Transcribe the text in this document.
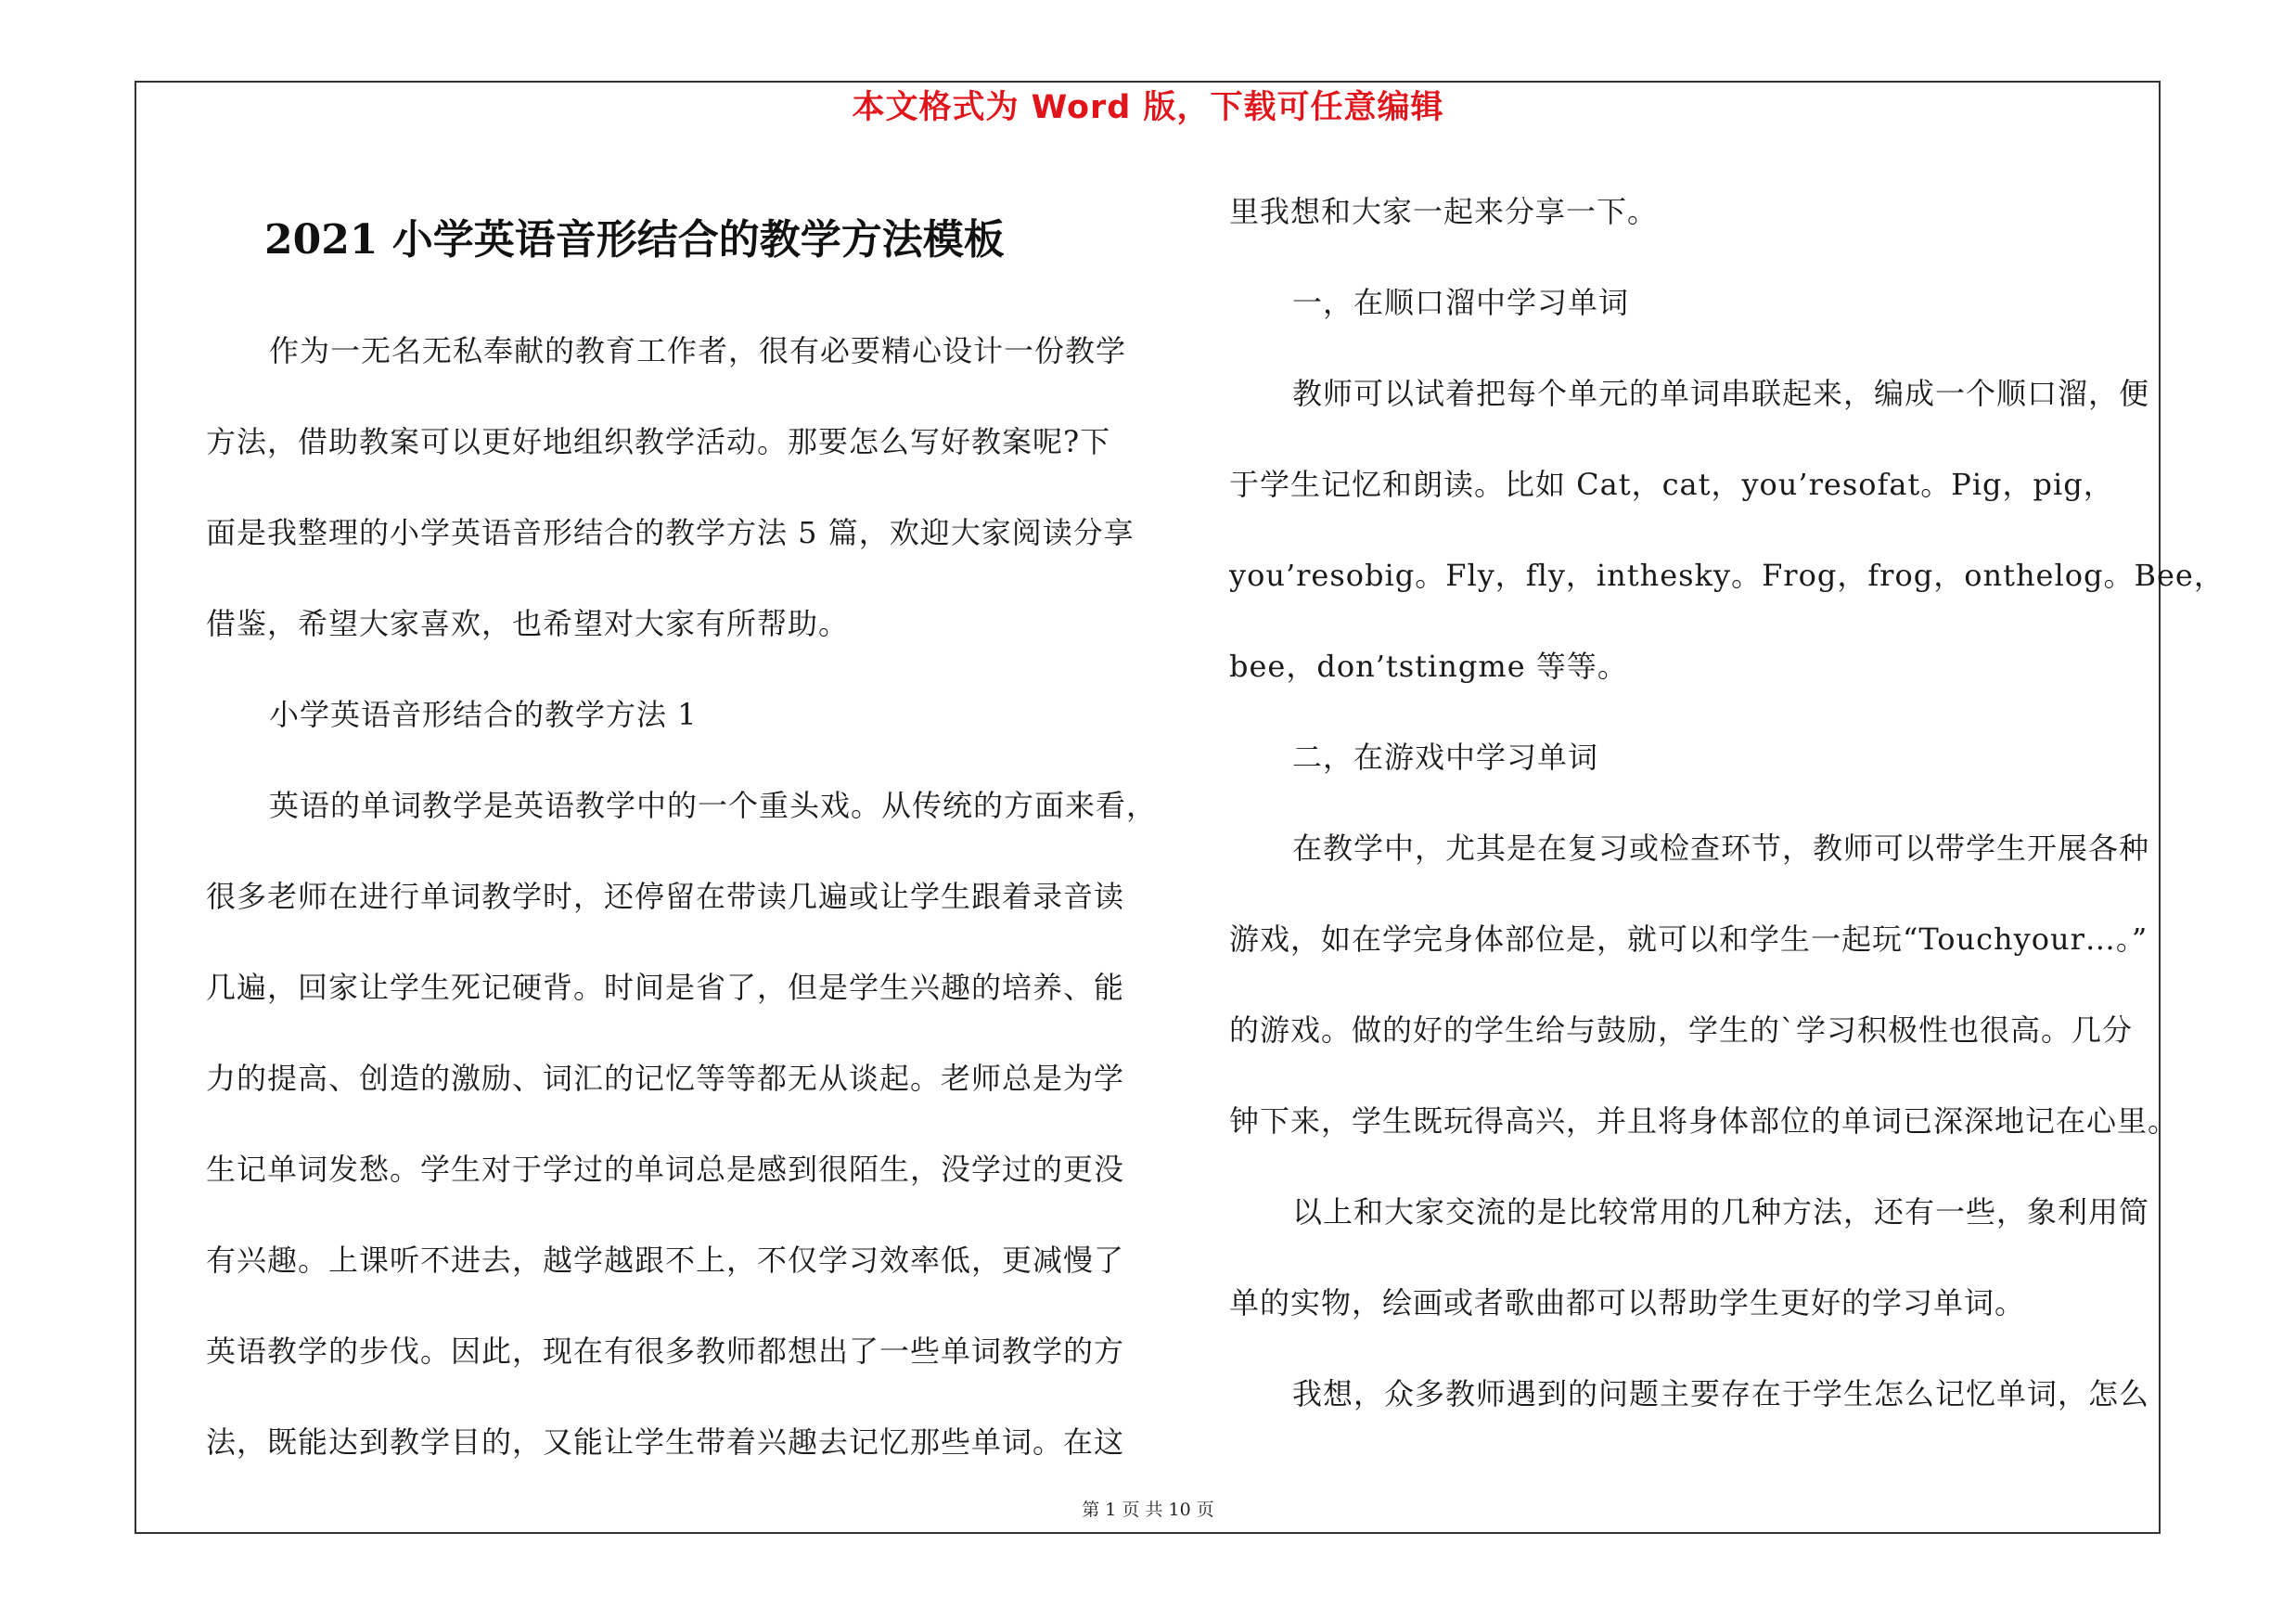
本文格式为 Word 版，下载可任意编辑
2021 小学英语音形结合的教学方法模板
作为一无名无私奉献的教育工作者，很有必要精心设计一份教学
方法，借助教案可以更好地组织教学活动。那要怎么写好教案呢?下
面是我整理的小学英语音形结合的教学方法 5 篇，欢迎大家阅读分享
借鉴，希望大家喜欢，也希望对大家有所帮助。
小学英语音形结合的教学方法 1
英语的单词教学是英语教学中的一个重头戏。从传统的方面来看，
很多老师在进行单词教学时，还停留在带读几遍或让学生跟着录音读
几遍，回家让学生死记硬背。时间是省了，但是学生兴趣的培养、能
力的提高、创造的激励、词汇的记忆等等都无从谈起。老师总是为学
生记单词发愁。学生对于学过的单词总是感到很陌生，没学过的更没
有兴趣。上课听不进去，越学越跟不上，不仅学习效率低，更减慢了
英语教学的步伐。因此，现在有很多教师都想出了一些单词教学的方
法，既能达到教学目的，又能让学生带着兴趣去记忆那些单词。在这
里我想和大家一起来分享一下。
一，在顺口溜中学习单词
教师可以试着把每个单元的单词串联起来，编成一个顺口溜，便
于学生记忆和朗读。比如 Cat，cat，you’resofat。Pig，pig，
you’resobig。Fly，fly，inthesky。Frog，frog，onthelog。Bee，
bee，don’tstingme 等等。
二，在游戏中学习单词
在教学中，尤其是在复习或检查环节，教师可以带学生开展各种
游戏，如在学完身体部位是，就可以和学生一起玩“Touchyour…。”
的游戏。做的好的学生给与鼓励，学生的`学习积极性也很高。几分
钟下来，学生既玩得高兴，并且将身体部位的单词已深深地记在心里。
以上和大家交流的是比较常用的几种方法，还有一些，象利用简
单的实物，绘画或者歌曲都可以帮助学生更好的学习单词。
我想，众多教师遇到的问题主要存在于学生怎么记忆单词，怎么
第 1 页 共 10 页
